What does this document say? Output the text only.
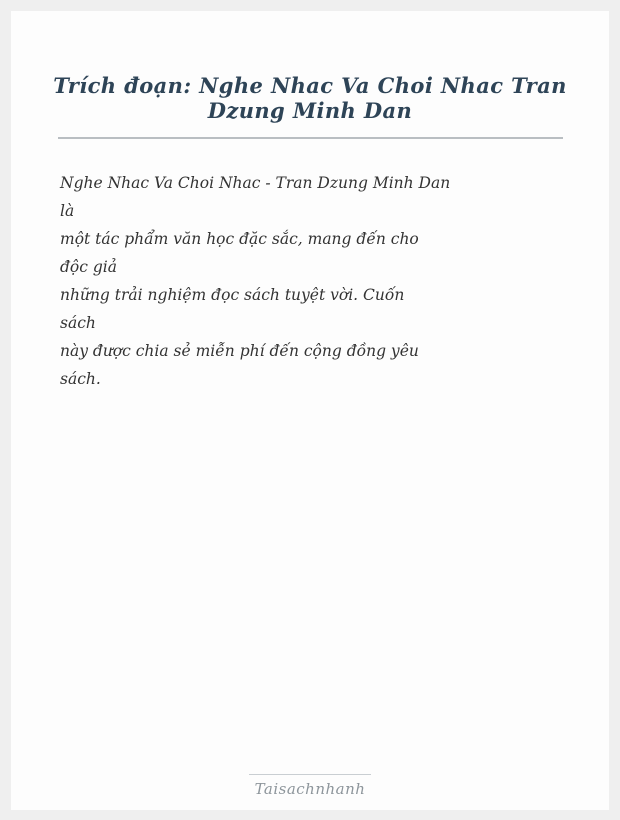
Trích đoạn: Nghe Nhac Va Choi Nhac Tran Dzung Minh Dan
Nghe Nhac Va Choi Nhac - Tran Dzung Minh Dan
là
một tác phẩm văn học đặc sắc, mang đến cho
độc giả
những trải nghiệm đọc sách tuyệt vời. Cuốn
sách
này được chia sẻ miễn phí đến cộng đồng yêu
sách.
Taisachnhanh
